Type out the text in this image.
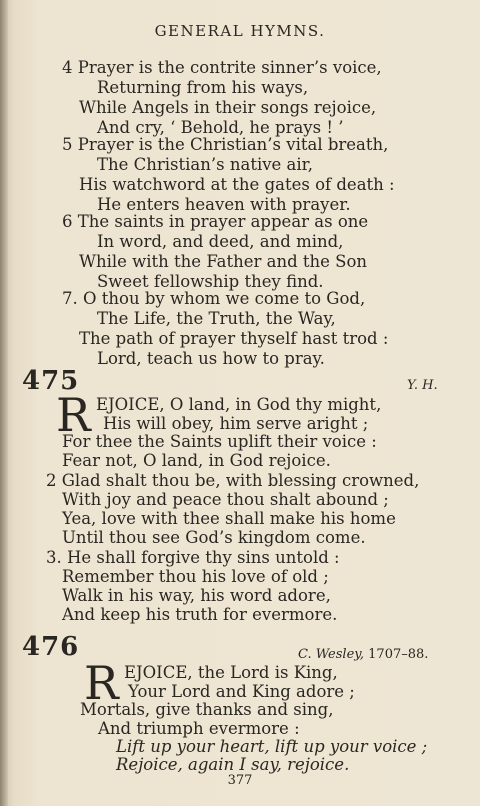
GENERAL HYMNS.
4 Prayer is the contrite sinner’s voice,
Returning from his ways,
While Angels in their songs rejoice,
And cry, ‘ Behold, he prays ! ’
5 Prayer is the Christian’s vital breath,
The Christian’s native air,
His watchword at the gates of death :
He enters heaven with prayer.
6 The saints in prayer appear as one
In word, and deed, and mind,
While with the Father and the Son
Sweet fellowship they find.
7. O thou by whom we come to God,
The Life, the Truth, the Way,
The path of prayer thyself hast trod :
Lord, teach us how to pray.
475	Y. H.
R EJOICE, O land, in God thy might,
His will obey, him serve aright ;
For thee the Saints uplift their voice :
Fear not, O land, in God rejoice.
2 Glad shalt thou be, with blessing crowned,
With joy and peace thou shalt abound ;
Yea, love with thee shall make his home
Until thou see God’s kingdom come.
3. He shall forgive thy sins untold :
Remember thou his love of old ;
Walk in his way, his word adore,
And keep his truth for evermore.
476	C. Wesley, 1707–88.
R EJOICE, the Lord is King,
Your Lord and King adore ;
Mortals, give thanks and sing,
And triumph evermore :
Lift up your heart, lift up your voice ;
Rejoice, again I say, rejoice.
377
